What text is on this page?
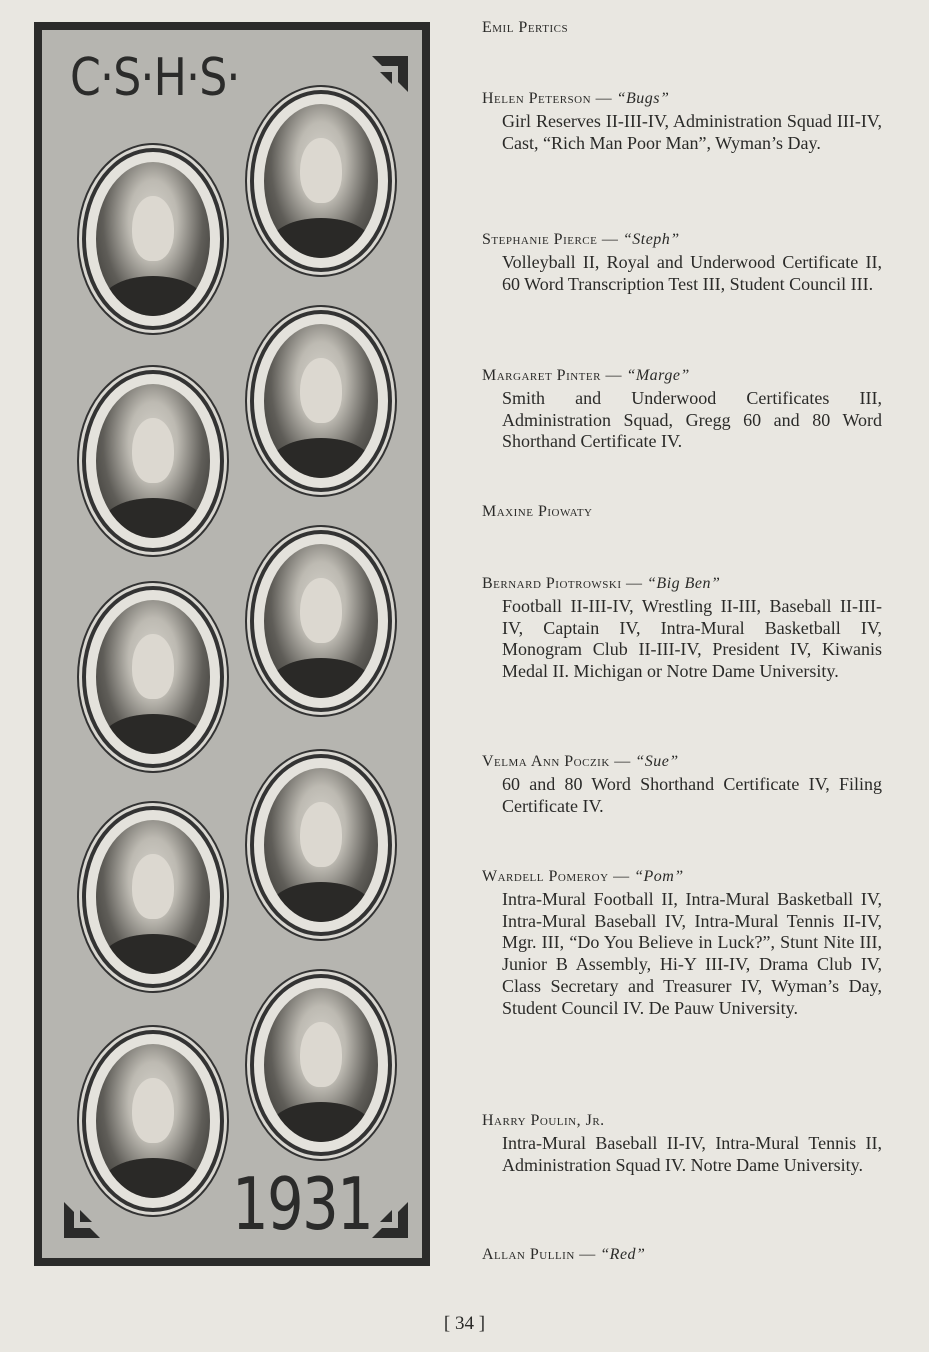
C·S·H·S·
1931
Emil Pertics
Helen Peterson — “Bugs”
Girl Reserves II-III-IV, Administration Squad III-IV, Cast, “Rich Man Poor Man”, Wyman’s Day.
Stephanie Pierce — “Steph”
Volleyball II, Royal and Underwood Certificate II, 60 Word Transcription Test III, Student Council III.
Margaret Pinter — “Marge”
Smith and Underwood Certificates III, Administration Squad, Gregg 60 and 80 Word Shorthand Certificate IV.
Maxine Piowaty
Bernard Piotrowski — “Big Ben”
Football II-III-IV, Wrestling II-III, Baseball II-III-IV, Captain IV, Intra-Mural Basketball IV, Monogram Club II-III-IV, President IV, Kiwanis Medal II. Michigan or Notre Dame University.
Velma Ann Poczik — “Sue”
60 and 80 Word Shorthand Certificate IV, Filing Certificate IV.
Wardell Pomeroy — “Pom”
Intra-Mural Football II, Intra-Mural Basketball IV, Intra-Mural Baseball IV, Intra-Mural Tennis II-IV, Mgr. III, “Do You Believe in Luck?”, Stunt Nite III, Junior B Assembly, Hi-Y III-IV, Drama Club IV, Class Secretary and Treasurer IV, Wyman’s Day, Student Council IV. De Pauw University.
Harry Poulin, Jr.
Intra-Mural Baseball II-IV, Intra-Mural Tennis II, Administration Squad IV. Notre Dame University.
Allan Pullin — “Red”
[ 34 ]
